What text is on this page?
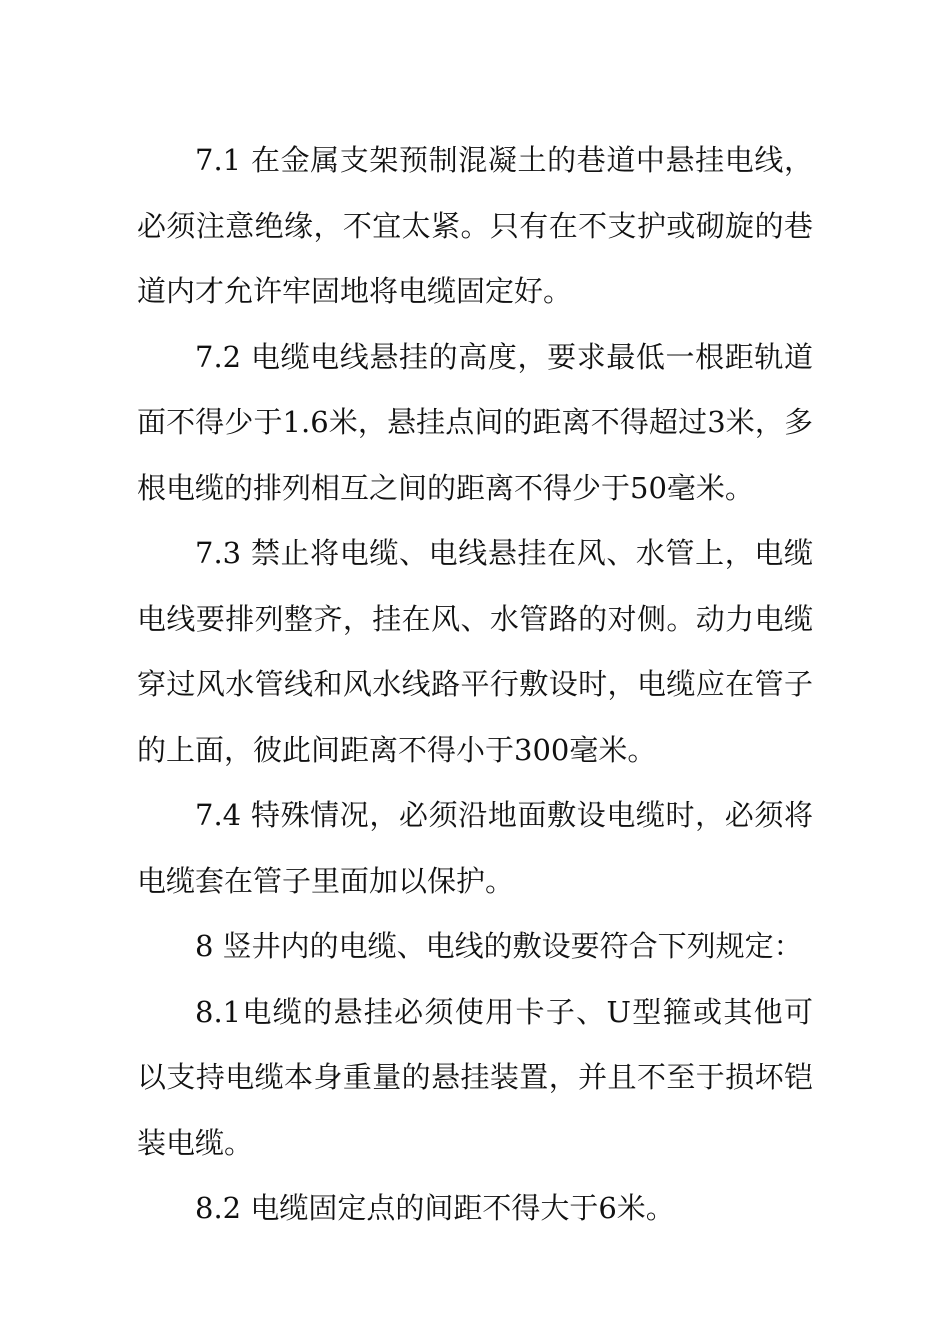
7.1 在金属支架预制混凝土的巷道中悬挂电线，必须注意绝缘，不宜太紧。只有在不支护或砌旋的巷道内才允许牢固地将电缆固定好。

7.2 电缆电线悬挂的高度，要求最低一根距轨道面不得少于1.6米，悬挂点间的距离不得超过3米，多根电缆的排列相互之间的距离不得少于50毫米。

7.3 禁止将电缆、电线悬挂在风、水管上，电缆电线要排列整齐，挂在风、水管路的对侧。动力电缆穿过风水管线和风水线路平行敷设时，电缆应在管子的上面，彼此间距离不得小于300毫米。

7.4 特殊情况，必须沿地面敷设电缆时，必须将电缆套在管子里面加以保护。

8 竖井内的电缆、电线的敷设要符合下列规定：

8.1电缆的悬挂必须使用卡子、U型箍或其他可以支持电缆本身重量的悬挂装置，并且不至于损坏铠装电缆。

8.2 电缆固定点的间距不得大于6米。
